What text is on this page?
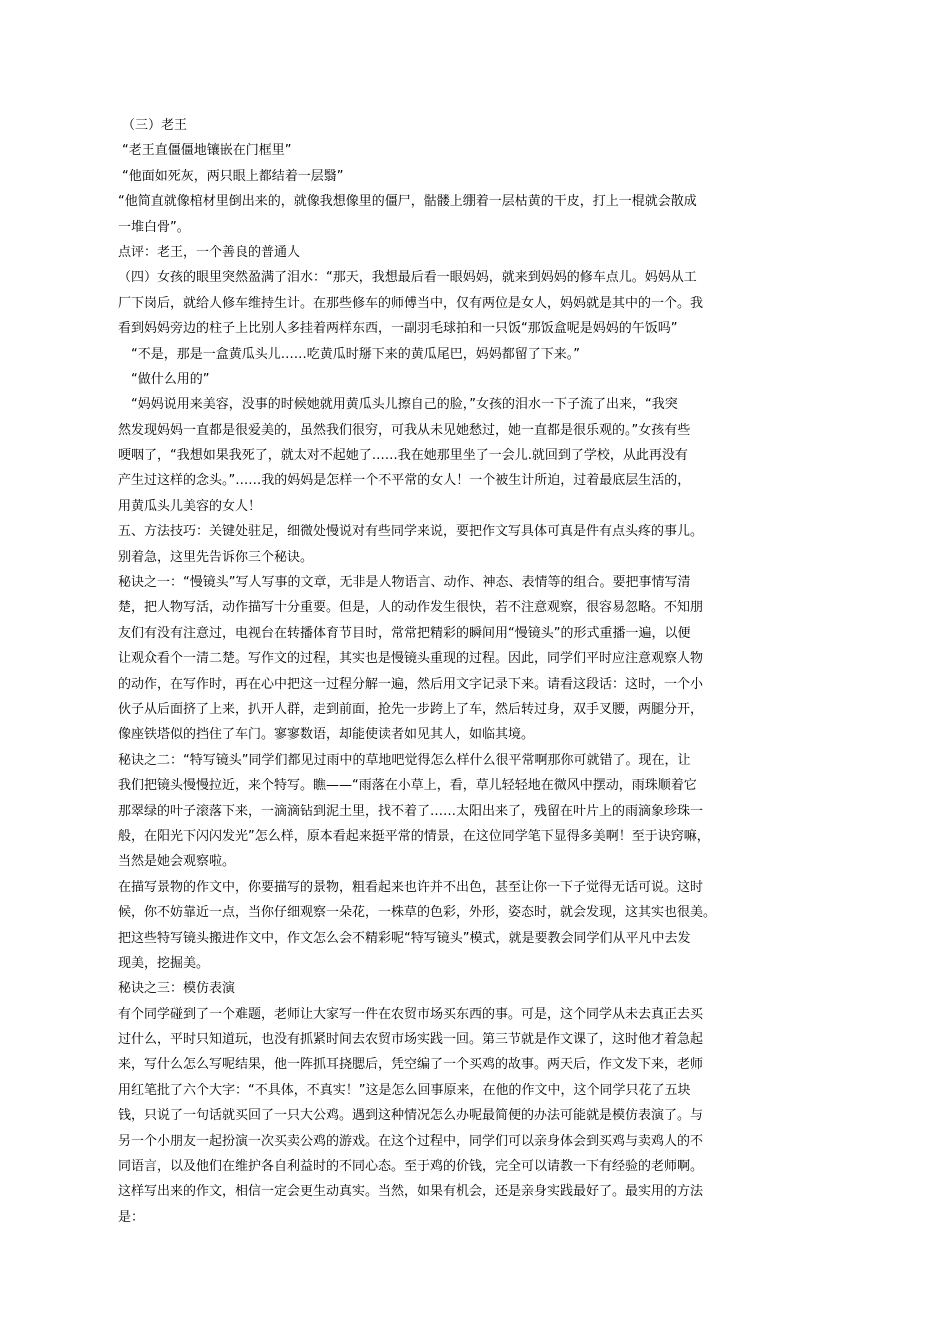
（三）老王
“老王直僵僵地镶嵌在门框里”
“他面如死灰，两只眼上都结着一层翳”
“他简直就像棺材里倒出来的，就像我想像里的僵尸，骷髅上绷着一层枯黄的干皮，打上一棍就会散成
一堆白骨”。
点评：老王，一个善良的普通人
（四）女孩的眼里突然盈满了泪水：“那天，我想最后看一眼妈妈，就来到妈妈的修车点儿。妈妈从工
厂下岗后，就给人修车维持生计。在那些修车的师傅当中，仅有两位是女人，妈妈就是其中的一个。我
看到妈妈旁边的柱子上比别人多挂着两样东西，一副羽毛球拍和一只饭“那饭盒呢是妈妈的午饭吗”
“不是，那是一盒黄瓜头儿……吃黄瓜时掰下来的黄瓜尾巴，妈妈都留了下来。”
“做什么用的”
“妈妈说用来美容，没事的时候她就用黄瓜头儿擦自己的脸，”女孩的泪水一下子流了出来，“我突
然发现妈妈一直都是很爱美的，虽然我们很穷，可我从未见她愁过，她一直都是很乐观的。”女孩有些
哽咽了，“我想如果我死了，就太对不起她了……我在她那里坐了一会儿.就回到了学校，从此再没有
产生过这样的念头。”……我的妈妈是怎样一个不平常的女人！一个被生计所迫，过着最底层生活的，
用黄瓜头儿美容的女人！
五、方法技巧：关键处驻足，细微处慢说对有些同学来说，要把作文写具体可真是件有点头疼的事儿。
别着急，这里先告诉你三个秘诀。
秘诀之一：“慢镜头”写人写事的文章，无非是人物语言、动作、神态、表情等的组合。要把事情写清
楚，把人物写活，动作描写十分重要。但是，人的动作发生很快，若不注意观察，很容易忽略。不知朋
友们有没有注意过，电视台在转播体育节目时，常常把精彩的瞬间用“慢镜头”的形式重播一遍，以便
让观众看个一清二楚。写作文的过程，其实也是慢镜头重现的过程。因此，同学们平时应注意观察人物
的动作，在写作时，再在心中把这一过程分解一遍，然后用文字记录下来。请看这段话：这时，一个小
伙子从后面挤了上来，扒开人群，走到前面，抢先一步跨上了车，然后转过身，双手叉腰，两腿分开，
像座铁塔似的挡住了车门。寥寥数语，却能使读者如见其人，如临其境。
秘诀之二：“特写镜头”同学们都见过雨中的草地吧觉得怎么样什么很平常啊那你可就错了。现在，让
我们把镜头慢慢拉近，来个特写。瞧——“雨落在小草上，看，草儿轻轻地在微风中摆动，雨珠顺着它
那翠绿的叶子滚落下来，一滴滴钻到泥土里，找不着了……太阳出来了，残留在叶片上的雨滴象珍珠一
般，在阳光下闪闪发光”怎么样，原本看起来挺平常的情景，在这位同学笔下显得多美啊！至于诀窍嘛，
当然是她会观察啦。
在描写景物的作文中，你要描写的景物，粗看起来也许并不出色，甚至让你一下子觉得无话可说。这时
候，你不妨靠近一点，当你仔细观察一朵花，一株草的色彩，外形，姿态时，就会发现，这其实也很美。
把这些特写镜头搬进作文中，作文怎么会不精彩呢“特写镜头”模式，就是要教会同学们从平凡中去发
现美，挖掘美。
秘诀之三：模仿表演
有个同学碰到了一个难题，老师让大家写一件在农贸市场买东西的事。可是，这个同学从未去真正去买
过什么，平时只知道玩，也没有抓紧时间去农贸市场实践一回。第三节就是作文课了，这时他才着急起
来，写什么怎么写呢结果，他一阵抓耳挠腮后，凭空编了一个买鸡的故事。两天后，作文发下来，老师
用红笔批了六个大字：“不具体，不真实！”这是怎么回事原来，在他的作文中，这个同学只花了五块
钱，只说了一句话就买回了一只大公鸡。遇到这种情况怎么办呢最简便的办法可能就是模仿表演了。与
另一个小朋友一起扮演一次买卖公鸡的游戏。在这个过程中，同学们可以亲身体会到买鸡与卖鸡人的不
同语言，以及他们在维护各自利益时的不同心态。至于鸡的价钱，完全可以请教一下有经验的老师啊。
这样写出来的作文，相信一定会更生动真实。当然，如果有机会，还是亲身实践最好了。最实用的方法
是：
